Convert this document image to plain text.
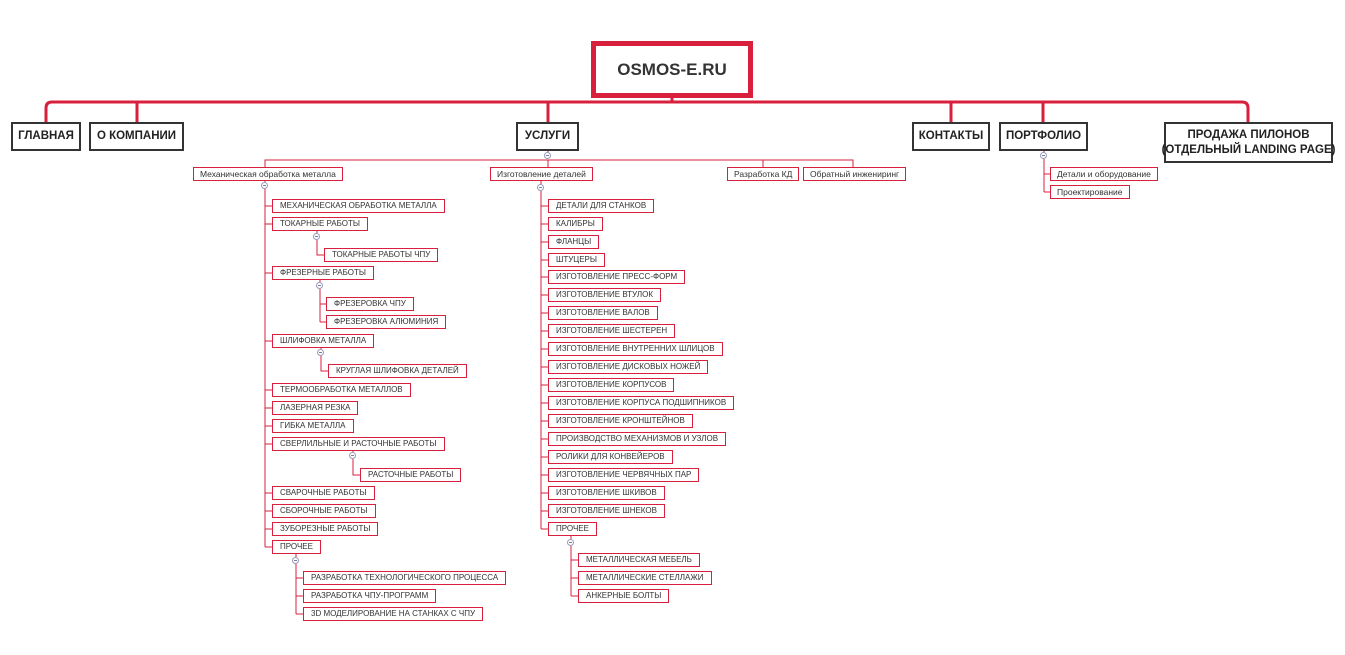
OSMOS-E.RU
ГЛАВНАЯ	О КОМПАНИИ	УСЛУГИ	КОНТАКТЫ	ПОРТФОЛИО	ПРОДАЖА ПИЛОНОВ
(ОТДЕЛЬНЫЙ LANDING PAGE)
Механическая обработка металла	Изготовление деталей	Разработка КД	Обратный инжениринг	Детали и оборудование
Проектирование
МЕХАНИЧЕСКАЯ ОБРАБОТКА МЕТАЛЛА
ТОКАРНЫЕ РАБОТЫ
ФРЕЗЕРНЫЕ РАБОТЫ
ШЛИФОВКА МЕТАЛЛА
ТЕРМООБРАБОТКА МЕТАЛЛОВ
ЛАЗЕРНАЯ РЕЗКА
ГИБКА МЕТАЛЛА
СВЕРЛИЛЬНЫЕ И РАСТОЧНЫЕ РАБОТЫ
СВАРОЧНЫЕ РАБОТЫ
СБОРОЧНЫЕ РАБОТЫ
ЗУБОРЕЗНЫЕ РАБОТЫ
ПРОЧЕЕ
ТОКАРНЫЕ РАБОТЫ ЧПУ
ФРЕЗЕРОВКА ЧПУ
ФРЕЗЕРОВКА АЛЮМИНИЯ
КРУГЛАЯ ШЛИФОВКА ДЕТАЛЕЙ
РАСТОЧНЫЕ РАБОТЫ
РАЗРАБОТКА ТЕХНОЛОГИЧЕСКОГО ПРОЦЕССА
РАЗРАБОТКА ЧПУ-ПРОГРАММ
3D МОДЕЛИРОВАНИЕ НА СТАНКАХ С ЧПУ
ДЕТАЛИ ДЛЯ СТАНКОВ
КАЛИБРЫ
ФЛАНЦЫ
ШТУЦЕРЫ
ИЗГОТОВЛЕНИЕ ПРЕСС-ФОРМ
ИЗГОТОВЛЕНИЕ ВТУЛОК
ИЗГОТОВЛЕНИЕ ВАЛОВ
ИЗГОТОВЛЕНИЕ ШЕСТЕРЕН
ИЗГОТОВЛЕНИЕ ВНУТРЕННИХ ШЛИЦОВ
ИЗГОТОВЛЕНИЕ ДИСКОВЫХ НОЖЕЙ
ИЗГОТОВЛЕНИЕ КОРПУСОВ
ИЗГОТОВЛЕНИЕ КОРПУСА ПОДШИПНИКОВ
ИЗГОТОВЛЕНИЕ КРОНШТЕЙНОВ
ПРОИЗВОДСТВО МЕХАНИЗМОВ И УЗЛОВ
РОЛИКИ ДЛЯ КОНВЕЙЕРОВ
ИЗГОТОВЛЕНИЕ ЧЕРВЯЧНЫХ ПАР
ИЗГОТОВЛЕНИЕ ШКИВОВ
ИЗГОТОВЛЕНИЕ ШНЕКОВ
ПРОЧЕЕ
МЕТАЛЛИЧЕСКАЯ МЕБЕЛЬ
МЕТАЛЛИЧЕСКИЕ СТЕЛЛАЖИ
АНКЕРНЫЕ БОЛТЫ
